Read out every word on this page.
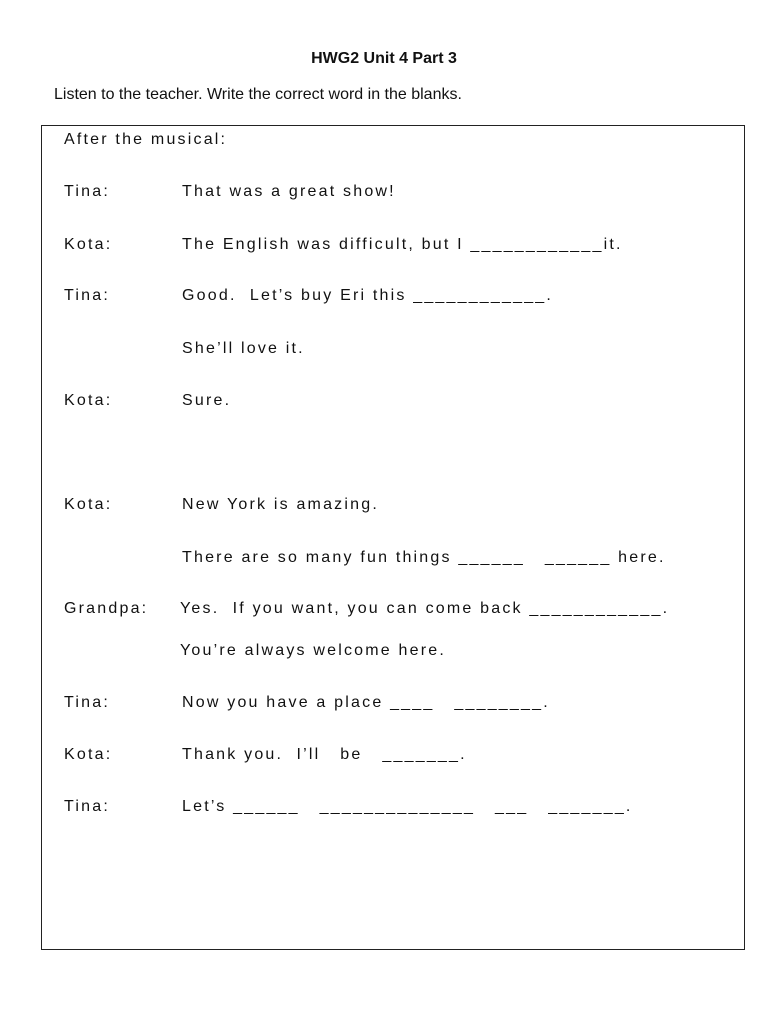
HWG2 Unit 4 Part 3
Listen to the teacher. Write the correct word in the blanks.

After the musical:

Tina:

	That was a great show!

Kota:

	The English was difficult, but I ____________it.

Tina:

	Good.  Let’s buy Eri this ____________.

She’ll love it.

Kota:

	Sure.

Kota:

	New York is amazing.

There are so many fun things ______   ______ here.

Grandpa:

Yes.  If you want, you can come back ____________.

You’re always welcome here.

Tina:

	Now you have a place ____   ________.

Kota:

	Thank you.  I’ll   be   _______.

Tina:

	Let’s ______   ______________   ___   _______.
